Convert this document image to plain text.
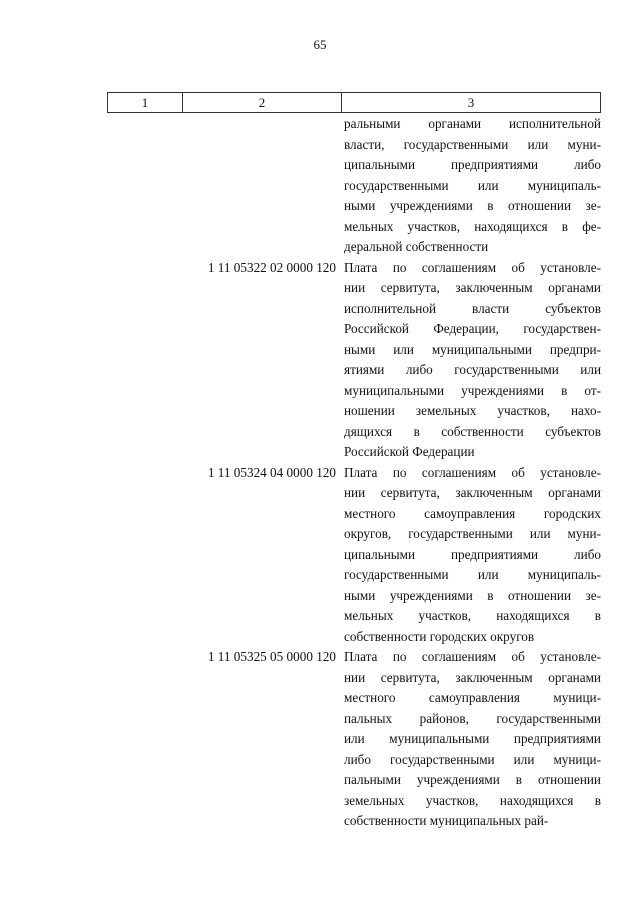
65
1	2	3
ральными органами исполнительной
власти, государственными или муни-
ципальными предприятиями либо
государственными или муниципаль-
ными учреждениями в отношении зе-
мельных участков, находящихся в фе-
деральной собственности
1 11 05322 02 0000 120 Плата по соглашениям об установле-
нии сервитута, заключенным органами
исполнительной власти субъектов
Российской Федерации, государствен-
ными или муниципальными предпри-
ятиями либо государственными или
муниципальными учреждениями в от-
ношении земельных участков, нахо-
дящихся в собственности субъектов
Российской Федерации
1 11 05324 04 0000 120 Плата по соглашениям об установле-
нии сервитута, заключенным органами
местного самоуправления городских
округов, государственными или муни-
ципальными предприятиями либо
государственными или муниципаль-
ными учреждениями в отношении зе-
мельных участков, находящихся в
собственности городских округов
1 11 05325 05 0000 120 Плата по соглашениям об установле-
нии сервитута, заключенным органами
местного самоуправления муници-
пальных районов, государственными
или муниципальными предприятиями
либо государственными или муници-
пальными учреждениями в отношении
земельных участков, находящихся в
собственности муниципальных рай-
